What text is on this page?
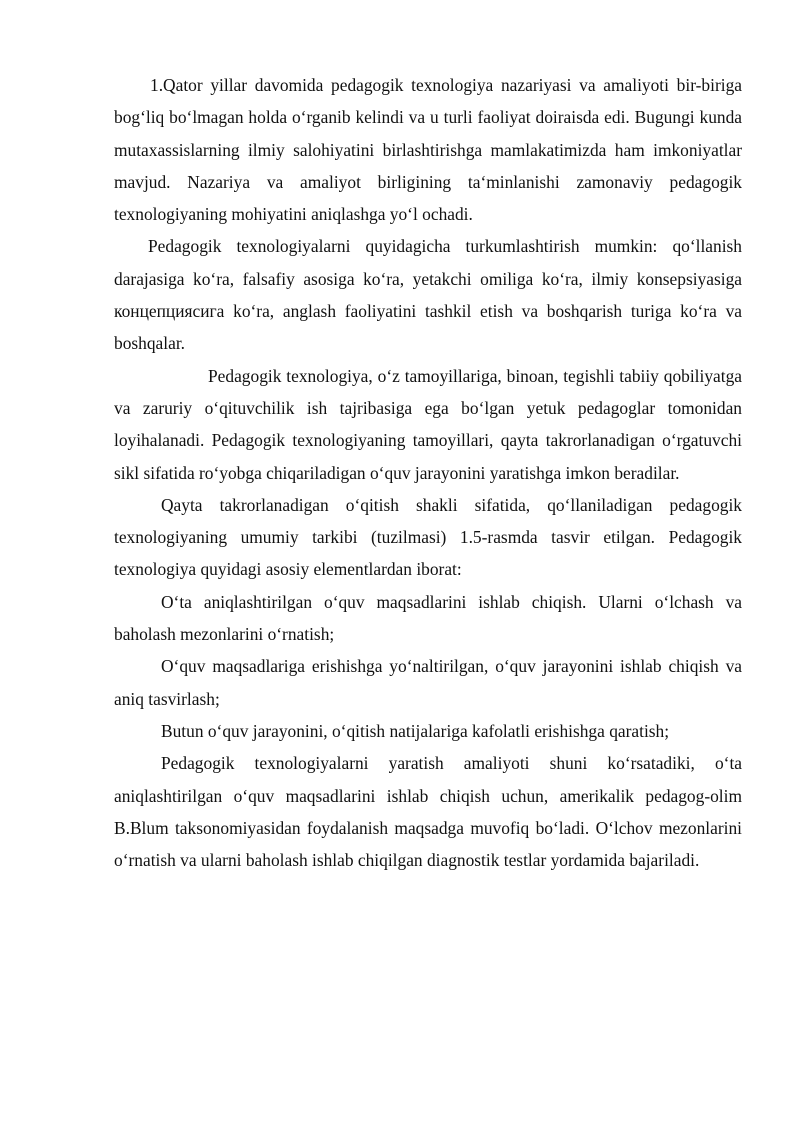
1.Qator yillar davomida pedagogik texnologiya nazariyasi va amaliyoti bir-biriga bog‘liq bo‘lmagan holda o‘rganib kelindi va u turli faoliyat doiraisda edi. Bugungi kunda mutaxassislarning ilmiy salohiyatini birlashtirishga mamlakatimizda ham imkoniyatlar mavjud. Nazariya va amaliyot birligining ta‘minlanishi zamonaviy pedagogik texnologiyaning mohiyatini aniqlashga yo‘l ochadi.

Pedagogik texnologiyalarni quyidagicha turkumlashtirish mumkin: qo‘llanish darajasiga ko‘ra, falsafiy asosiga ko‘ra, yetakchi omiliga ko‘ra, ilmiy konsepsiyasiga концепциясига ko‘ra, anglash faoliyatini tashkil etish va boshqarish turiga ko‘ra va boshqalar.

Pedagogik texnologiya, o‘z tamoyillariga, binoan, tegishli tabiiy qobiliyatga va zaruriy o‘qituvchilik ish tajribasiga ega bo‘lgan yetuk pedagoglar tomonidan loyihalanadi. Pedagogik texnologiyaning tamoyillari, qayta takrorlanadigan o‘rgatuvchi sikl sifatida ro‘yobga chiqariladigan o‘quv jarayonini yaratishga imkon beradilar.

Qayta takrorlanadigan o‘qitish shakli sifatida, qo‘llaniladigan pedagogik texnologiyaning umumiy tarkibi (tuzilmasi) 1.5-rasmda tasvir etilgan. Pedagogik texnologiya quyidagi asosiy elementlardan iborat:

O‘ta aniqlashtirilgan o‘quv maqsadlarini ishlab chiqish. Ularni o‘lchash va baholash mezonlarini o‘rnatish;

O‘quv maqsadlariga erishishga yo‘naltirilgan, o‘quv jarayonini ishlab chiqish va aniq tasvirlash;

Butun o‘quv jarayonini, o‘qitish natijalariga kafolatli erishishga qaratish;

Pedagogik texnologiyalarni yaratish amaliyoti shuni ko‘rsatadiki, o‘ta aniqlashtirilgan o‘quv maqsadlarini ishlab chiqish uchun, amerikalik pedagog-olim B.Blum taksonomiyasidan foydalanish maqsadga muvofiq bo‘ladi. O‘lchov mezonlarini o‘rnatish va ularni baholash ishlab chiqilgan diagnostik testlar yordamida bajariladi.
